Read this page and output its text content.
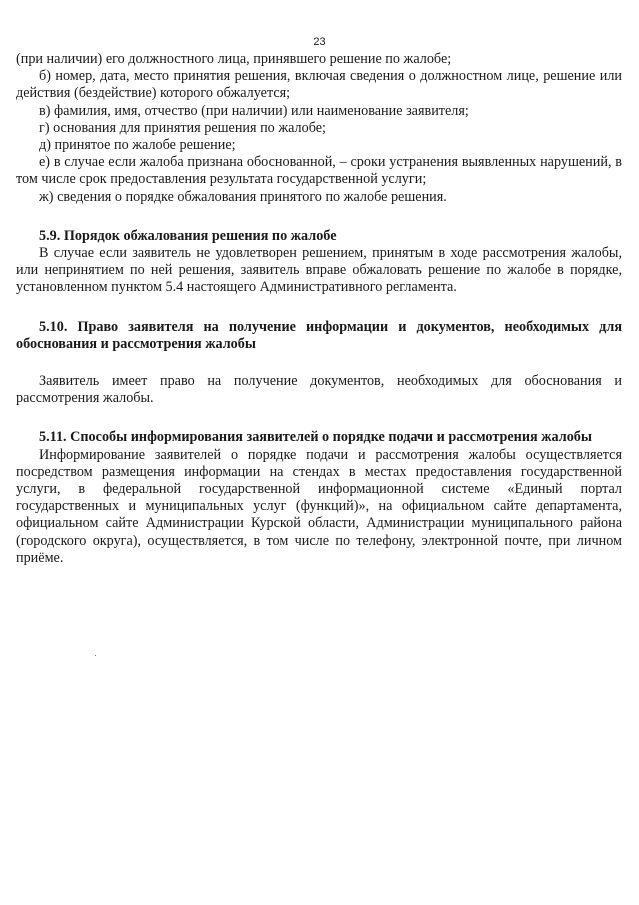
23

(при наличии) его должностного лица, принявшего решение по жалобе;

б) номер, дата, место принятия решения, включая сведения о должностном лице, решение или действия (бездействие) которого обжалуется;

в) фамилия, имя, отчество (при наличии) или наименование заявителя;

г) основания для принятия решения по жалобе;

д) принятое по жалобе решение;

е) в случае если жалоба признана обоснованной, – сроки устранения выявленных нарушений, в том числе срок предоставления результата государственной услуги;

ж) сведения о порядке обжалования принятого по жалобе решения.

5.9. Порядок обжалования решения по жалобе

В случае если заявитель не удовлетворен решением, принятым в ходе рассмотрения жалобы, или непринятием по ней решения, заявитель вправе обжаловать решение по жалобе в порядке, установленном пунктом 5.4 настоящего Административного регламента.

5.10. Право заявителя на получение информации и документов, необходимых для обоснования и рассмотрения жалобы

Заявитель имеет право на получение документов, необходимых для обоснования и рассмотрения жалобы.

5.11. Способы информирования заявителей о порядке подачи и рассмотрения жалобы

Информирование заявителей о порядке подачи и рассмотрения жалобы осуществляется посредством размещения информации на стендах в местах предоставления государственной услуги, в федеральной государственной информационной системе «Единый портал государственных и муниципальных услуг (функций)», на официальном сайте департамента, официальном сайте Администрации Курской области, Администрации муниципального района (городского округа), осуществляется, в том числе по телефону, электронной почте, при личном приёме.
